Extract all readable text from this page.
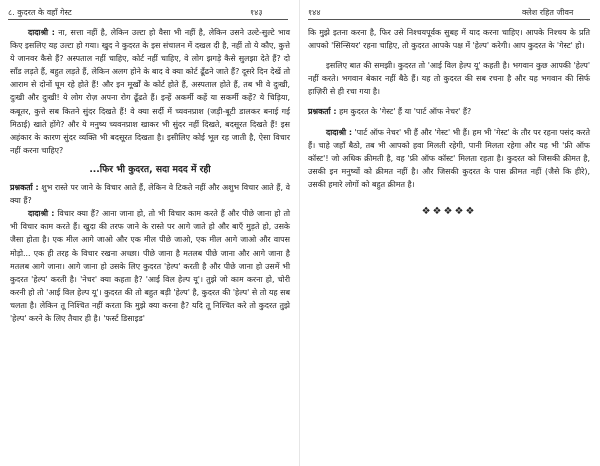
८. कुदरत के वहाँ गेस्ट	१४३

दादाश्री : ना, सत्ता नहीं है, लेकिन उल्टा हो वैसा भी नहीं है, लेकिन उसने उल्टे-सुल्टे भाव किए इसलिए यह उल्टा हो गया। खुद ने कुदरत के इस संचालन में दखल दी है, नहीं तो ये कौए, कुत्ते ये जानवर कैसे हैं? अस्पताल नहीं चाहिए, कोर्ट नहीं चाहिए, वे लोग झगड़े कैसे सुलझा देते हैं? दो साँड लड़ते हैं, बहुत लड़ते हैं, लेकिन अलग होने के बाद वे क्या कोर्ट ढूँढने जाते हैं? दूसरे दिन देखें तो आराम से दोनों घूम रहे होते हैं! और इन मूर्खों के कोर्ट होते हैं, अस्पताल होते हैं, तब भी वे दुःखी, दुःखी और दुःखी! ये लोग रोज़ अपना रोग ढूँढते हैं। इन्हें अकर्मी कहें या सकर्मी कहें? ये चिड़िया, कबूतर, कुत्ते सब कितने सुंदर दिखते हैं! वे क्या सर्दी में च्यवनप्राश (जड़ी-बूटी डालकर बनाई गई मिठाई) खाते होंगे? और ये मनुष्य च्यवनप्राश खाकर भी सुंदर नहीं दिखते, बदसूरत दिखते हैं! इस अहंकार के कारण सुंदर व्यक्ति भी बदसूरत दिखता है। इसीलिए कोई भूल रह जाती है, ऐसा विचार नहीं करना चाहिए?

...फिर भी कुदरत, सदा मदद में रही

प्रश्नकर्ता : शुभ रास्ते पर जाने के विचार आते हैं, लेकिन वे टिकते नहीं और अशुभ विचार आते हैं, वे क्या हैं?

दादाश्री : विचार क्या हैं? आना जाना हो, तो भी विचार काम करते हैं और पीछे जाना हो तो भी विचार काम करते हैं। खुदा की तरफ जाने के रास्ते पर आगे जाते हो और बाएँ मुड़ते हो, उसके जैसा होता है। एक मील आगे जाओ और एक मील पीछे जाओ, एक मील आगे जाओ और वापस मोड़ो... एक ही तरह के विचार रखना अच्छा। पीछे जाना है मतलब पीछे जाना और आगे जाना है मतलब आगे जाना। आगे जाना हो उसके लिए कुदरत 'हेल्प' करती है और पीछे जाना हो उसमें भी कुदरत 'हेल्प' करती है। 'नेचर' क्या कहता है? 'आई विल हेल्प यू'। तुझे जो काम करना हो, चोरी करनी हो तो 'आई विल हेल्प यू'। कुदरत की तो बहुत बड़ी 'हेल्प' है, कुदरत की 'हेल्प' से तो यह सब चलता है। लेकिन तू निश्चित नहीं करता कि मुझे क्या करना है? यदि तू निश्चित करे तो कुदरत तुझे 'हेल्प' करने के लिए तैयार ही है। 'फर्स्ट डिसाइड'

१४४	क्लेश रहित जीवन

कि मुझे इतना करना है, फिर उसे निश्चयपूर्वक सुबह में याद करना चाहिए। आपके निश्चय के प्रति आपको 'सिन्सियर' रहना चाहिए, तो कुदरत आपके पक्ष में 'हेल्प' करेगी। आप कुदरत के 'गेस्ट' हो।

इसलिए बात की समझी। कुदरत तो 'आई विल हेल्प यू' कहती है। भगवान कुछ आपकी 'हेल्प' नहीं करते। भगवान बेकार नहीं बैठे हैं। यह तो कुदरत की सब रचना है और यह भगवान की सिर्फ हाज़िरी से ही रचा गया है।

प्रश्नकर्ता : हम कुदरत के 'गेस्ट' हैं या 'पार्ट ऑफ नेचर' हैं?

दादाश्री : 'पार्ट ऑफ नेचर' भी हैं और 'गेस्ट' भी हैं। हम भी 'गेस्ट' के तौर पर रहना पसंद करते हैं। चाहे जहाँ बैठो, तब भी आपको हवा मिलती रहेगी, पानी मिलता रहेगा और यह भी 'फ्री ऑफ कॉस्ट'! जो अधिक क्रीमती है, वह 'फ्री ऑफ कॉस्ट' मिलता रहता है। कुदरत को जिसकी क्रीमत है, उसकी इन मनुष्यों को क्रीमत नहीं है। और जिसकी कुदरत के पास क्रीमत नहीं (जैसे कि हीरे), उसकी हमारे लोगों को बहुत क्रीमत है।

❖❖❖❖❖
